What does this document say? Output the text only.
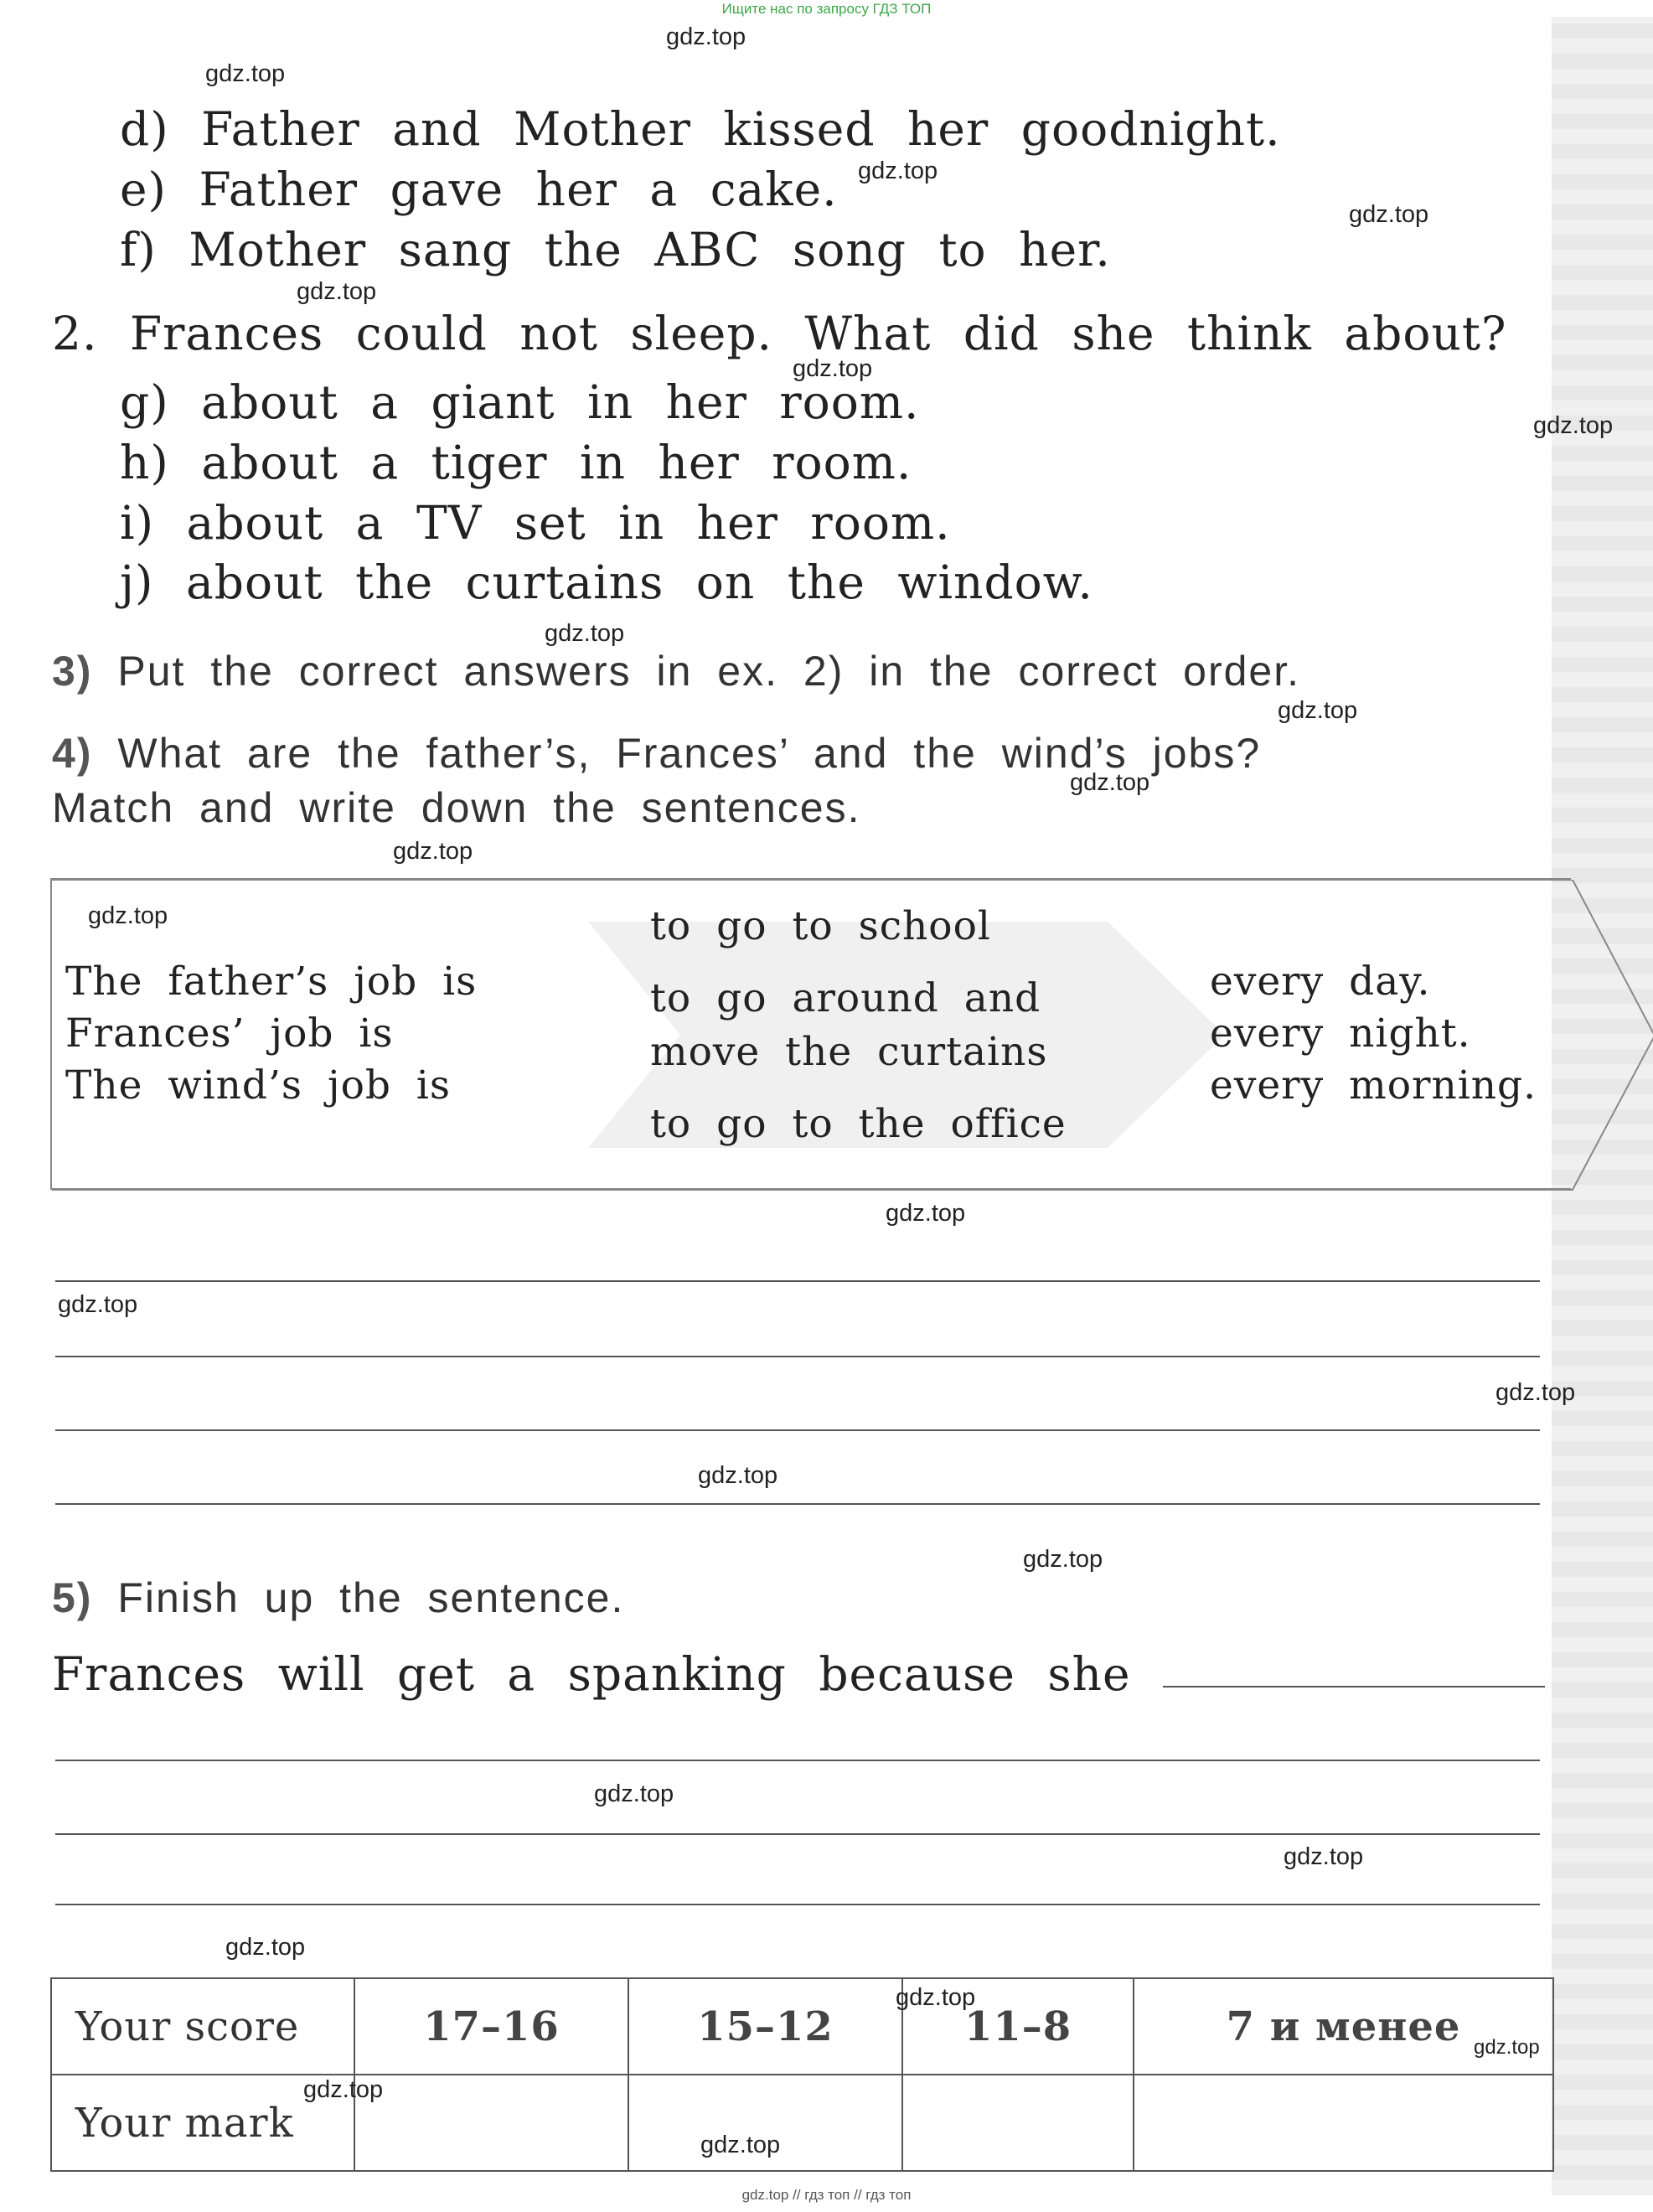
Ищите нас по запросу ГДЗ ТОП
d) Father and Mother kissed her goodnight.
e) Father gave her a cake.
f) Mother sang the ABC song to her.
2. Frances could not sleep. What did she think about?
g) about a giant in her room.
h) about a tiger in her room.
i) about a TV set in her room.
j) about the curtains on the window.
3) Put the correct answers in ex. 2) in the correct order.
4) What are the father’s, Frances’ and the wind’s jobs?
Match and write down the sentences.
The father’s job is
Frances’ job is
The wind’s job is
to go to school
to go around and
move the curtains
to go to the office
every day.
every night.
every morning.
5) Finish up the sentence.
Frances will get a spanking because she
Your score	17–16	15–12	11–8	7 и менее
Your mark				
gdz.top
gdz.top
gdz.top
gdz.top
gdz.top
gdz.top
gdz.top
gdz.top
gdz.top
gdz.top
gdz.top
gdz.top
gdz.top
gdz.top
gdz.top
gdz.top
gdz.top
gdz.top
gdz.top
gdz.top
gdz.top
gdz.top
gdz.top
gdz.top
gdz.top // гдз топ // гдз топ
